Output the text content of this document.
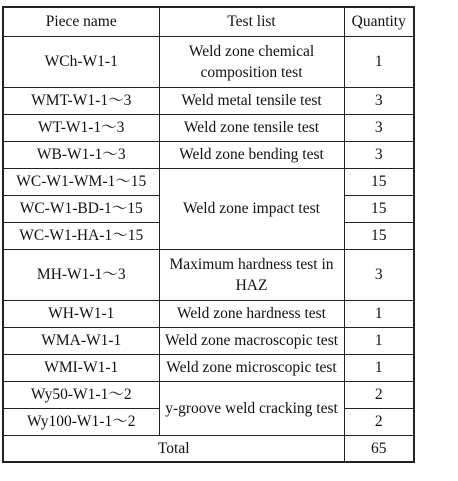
Piece name	Test list	Quantity
WCh-W1-1	Weld zone chemical composition test	1
WMT-W1-1～3	Weld metal tensile test	3
WT-W1-1～3	Weld zone tensile test	3
WB-W1-1～3	Weld zone bending test	3
WC-W1-WM-1～15	Weld zone impact test	15
WC-W1-BD-1～15		15
WC-W1-HA-1～15		15
MH-W1-1～3	Maximum hardness test in HAZ	3
WH-W1-1	Weld zone hardness test	1
WMA-W1-1	Weld zone macroscopic test	1
WMI-W1-1	Weld zone microscopic test	1
Wy50-W1-1～2	y-groove weld cracking test	2
Wy100-W1-1～2		2
Total		65
